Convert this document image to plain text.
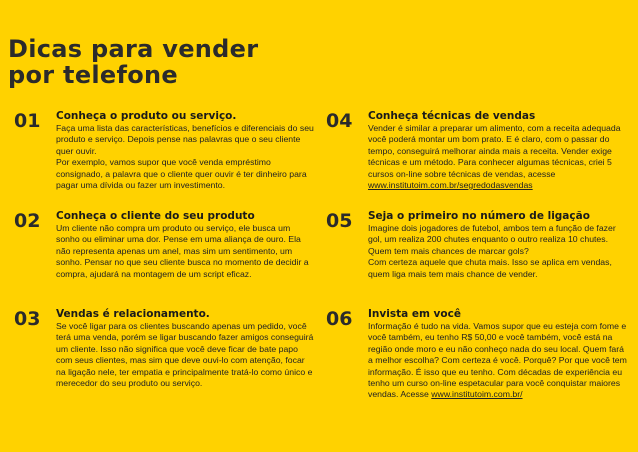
Dicas para vender
por telefone
01 Conheça o produto ou serviço.

Faça uma lista das características, benefícios e diferenciais do seu produto e serviço. Depois pense nas palavras que o seu cliente quer ouvir.

Por exemplo, vamos supor que você venda empréstimo consignado, a palavra que o cliente quer ouvir é ter dinheiro para pagar uma dívida ou fazer um investimento.

02 Conheça o cliente do seu produto

Um cliente não compra um produto ou serviço, ele busca um sonho ou eliminar uma dor. Pense em uma aliança de ouro. Ela não representa apenas um anel, mas sim um sentimento, um sonho. Pensar no que seu cliente busca no momento de decidir a compra, ajudará na montagem de um script eficaz.

03 Vendas é relacionamento.

Se você ligar para os clientes buscando apenas um pedido, você terá uma venda, porém se ligar buscando fazer amigos conseguirá um cliente. Isso não significa que você deve ficar de bate papo com seus clientes, mas sim que deve ouvi-lo com atenção, focar na ligação nele, ter empatia e principalmente tratá-lo como único e merecedor do seu produto ou serviço.

04 Conheça técnicas de vendas

Vender é similar a preparar um alimento, com a receita adequada você poderá montar um bom prato. E é claro, com o passar do tempo, conseguirá melhorar ainda mais a receita. Vender exige técnicas e um método. Para conhecer algumas técnicas, criei 5 cursos on-line sobre técnicas de vendas, acesse www.institutoim.com.br/segredodasvendas

05 Seja o primeiro no número de ligação

Imagine dois jogadores de futebol, ambos tem a função de fazer gol, um realiza 200 chutes enquanto o outro realiza 10 chutes. Quem tem mais chances de marcar gols?

Com certeza aquele que chuta mais. Isso se aplica em vendas, quem liga mais tem mais chance de vender.

06 Invista em você

Informação é tudo na vida. Vamos supor que eu esteja com fome e você também, eu tenho R$ 50,00 e você também, você está na região onde moro e eu não conheço nada do seu local. Quem fará a melhor escolha? Com certeza é você. Porquê? Por que você tem informação. É isso que eu tenho. Com décadas de experiência eu tenho um curso on-line espetacular para você conquistar maiores vendas. Acesse www.institutoim.com.br/
